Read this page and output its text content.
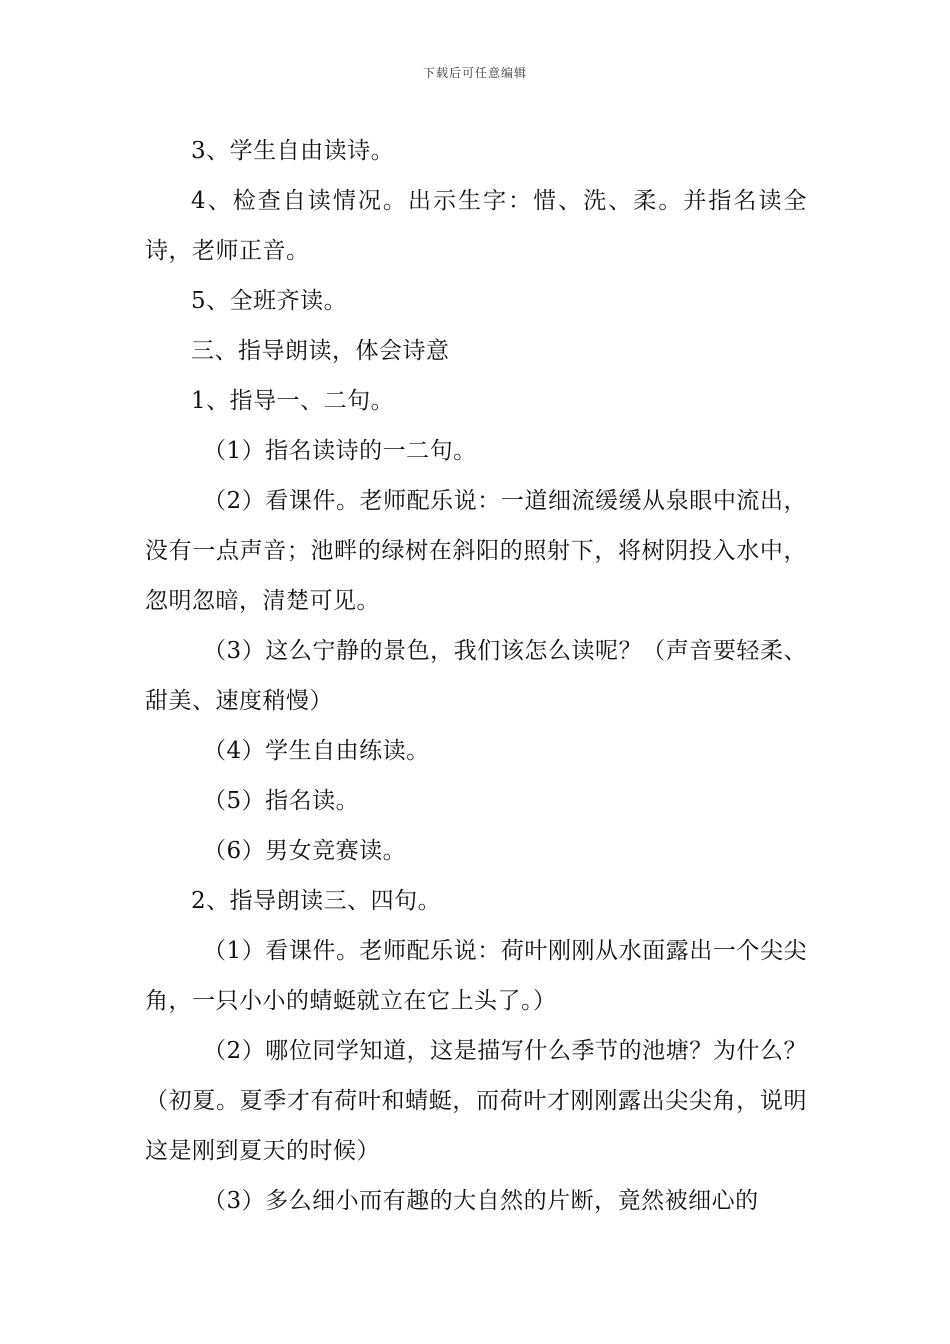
下载后可任意编辑

3、学生自由读诗。

4、检查自读情况。出示生字：惜、洗、柔。并指名读全诗，老师正音。

5、全班齐读。

三、指导朗读，体会诗意

1、指导一、二句。

（1）指名读诗的一二句。

（2）看课件。老师配乐说：一道细流缓缓从泉眼中流出，没有一点声音；池畔的绿树在斜阳的照射下，将树阴投入水中，忽明忽暗，清楚可见。

（3）这么宁静的景色，我们该怎么读呢？（声音要轻柔、甜美、速度稍慢）

（4）学生自由练读。

（5）指名读。

（6）男女竞赛读。

2、指导朗读三、四句。

（1）看课件。老师配乐说：荷叶刚刚从水面露出一个尖尖角，一只小小的蜻蜓就立在它上头了。）

（2）哪位同学知道，这是描写什么季节的池塘？为什么？（初夏。夏季才有荷叶和蜻蜓，而荷叶才刚刚露出尖尖角，说明这是刚到夏天的时候）

（3）多么细小而有趣的大自然的片断，竟然被细心的
